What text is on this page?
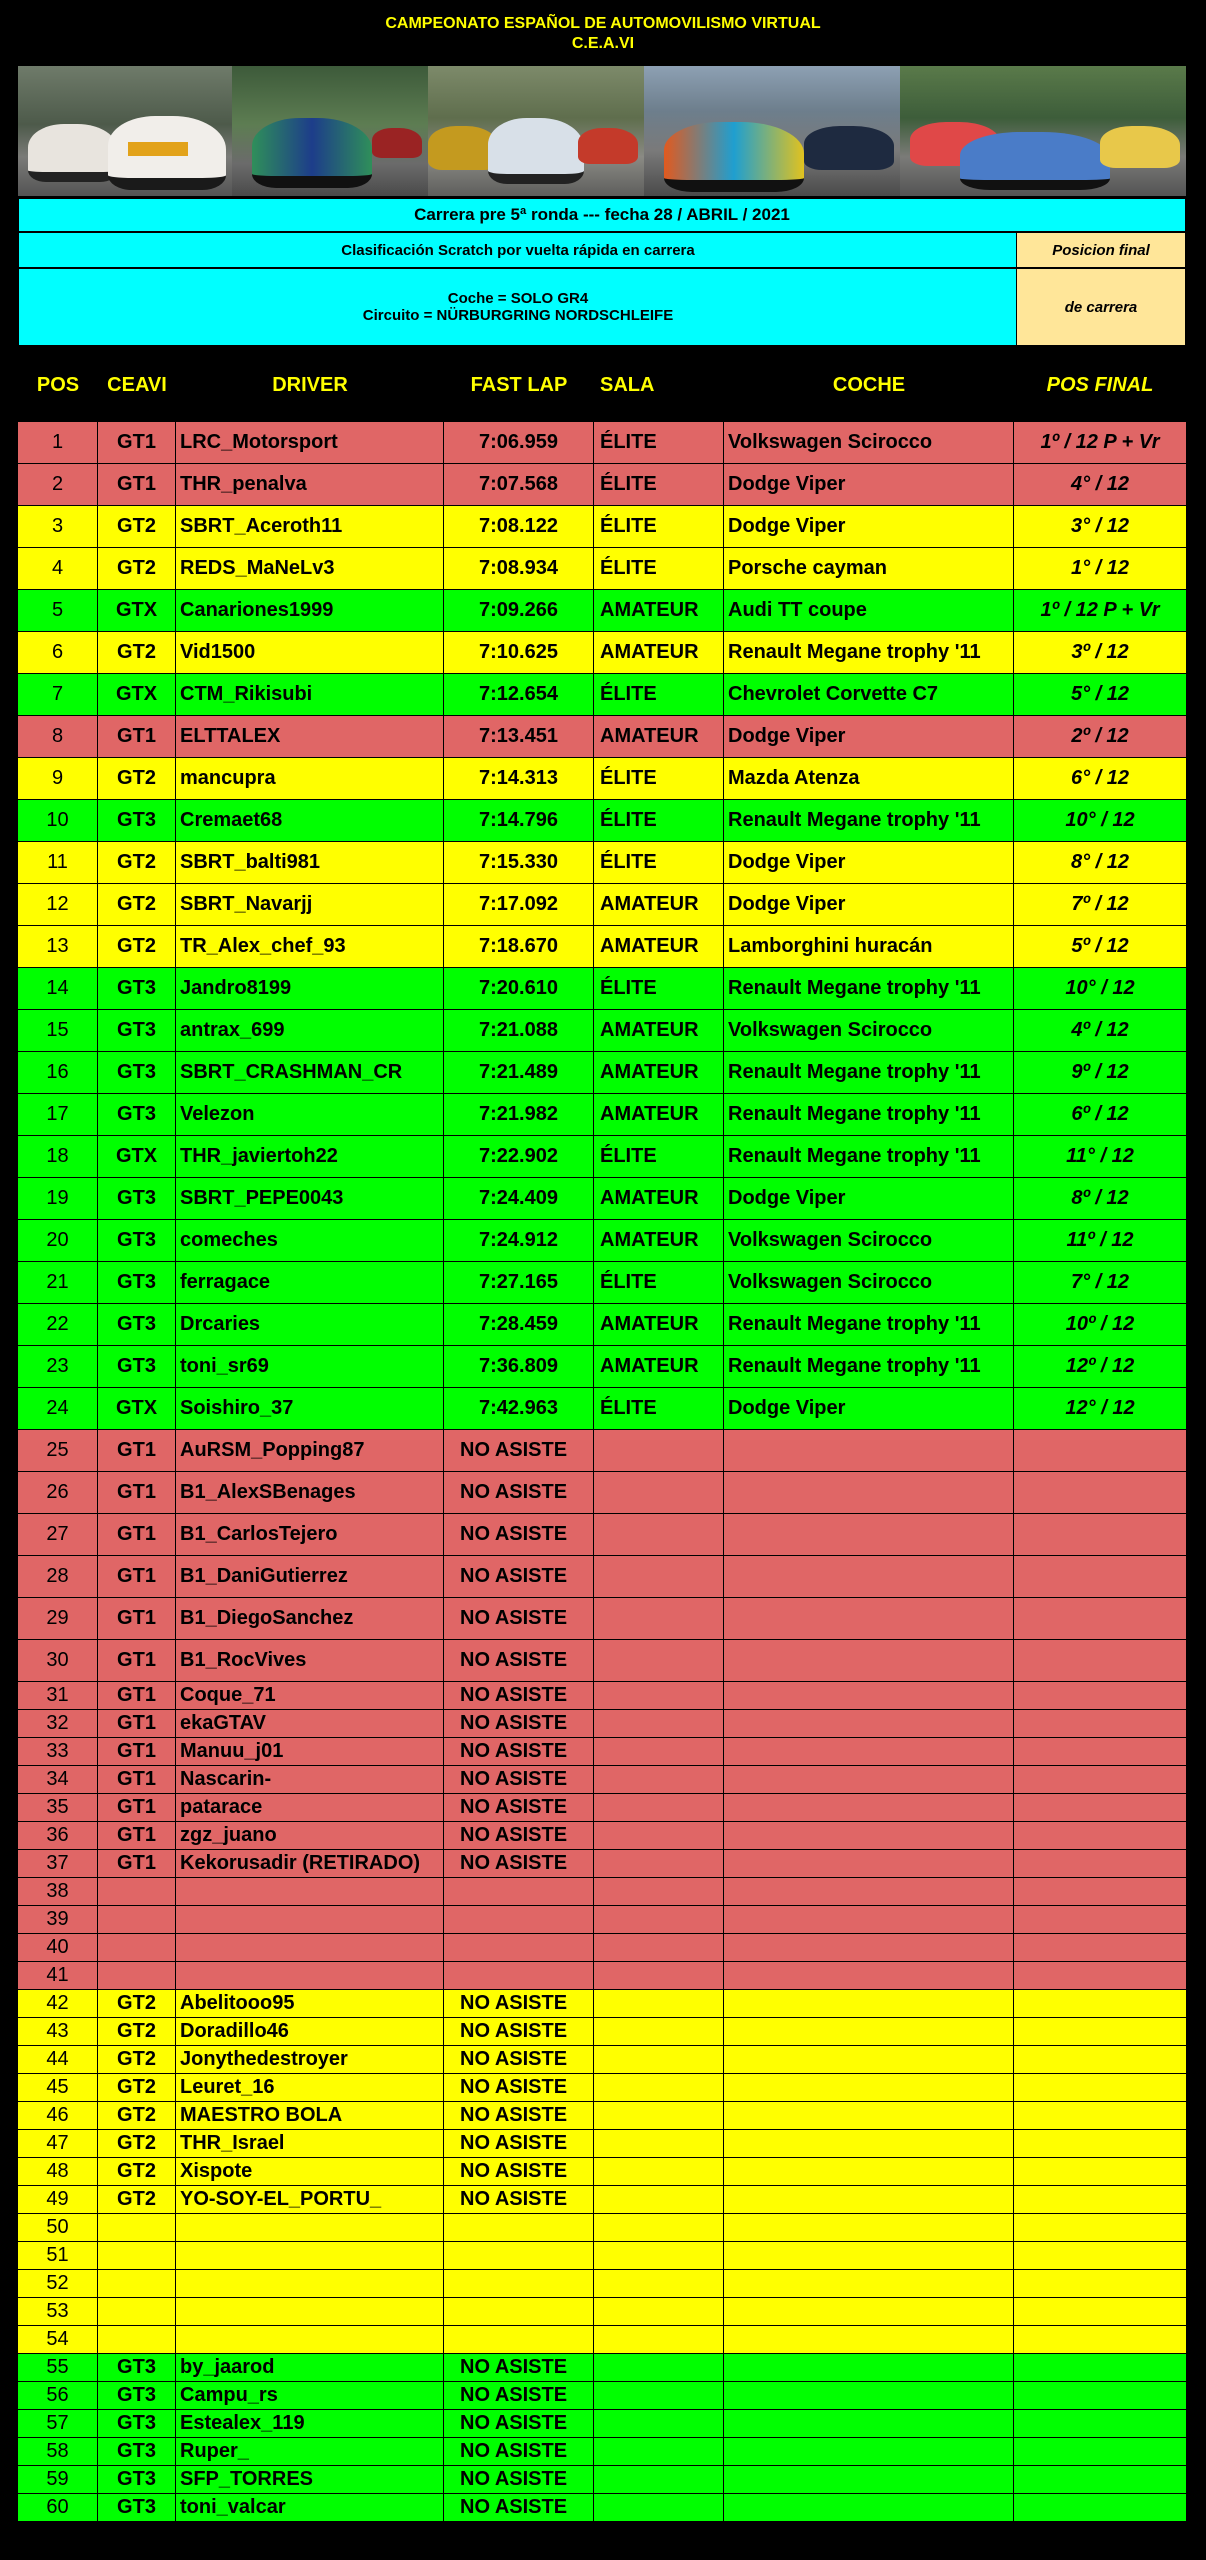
CAMPEONATO ESPAÑOL DE AUTOMOVILISMO VIRTUAL
C.E.A.VI
Carrera pre 5ª ronda --- fecha 28 / ABRIL / 2021
Clasificación Scratch por vuelta rápida en carrera	Posicion final
Coche = SOLO GR4
Circuito = NÜRBURGRING NORDSCHLEIFE	de carrera
POS	CEAVI	DRIVER	FAST LAP	SALA	COCHE	POS FINAL
1	GT1	LRC_Motorsport	7:06.959	ÉLITE	Volkswagen Scirocco	1º / 12 P + Vr
2	GT1	THR_penalva	7:07.568	ÉLITE	Dodge Viper	4° / 12
3	GT2	SBRT_Aceroth11	7:08.122	ÉLITE	Dodge Viper	3° / 12
4	GT2	REDS_MaNeLv3	7:08.934	ÉLITE	Porsche cayman	1° / 12
5	GTX	Canariones1999	7:09.266	AMATEUR	Audi TT coupe	1º / 12 P + Vr
6	GT2	Vid1500	7:10.625	AMATEUR	Renault Megane trophy '11	3º / 12
7	GTX	CTM_Rikisubi	7:12.654	ÉLITE	Chevrolet Corvette C7	5° / 12
8	GT1	ELTTALEX	7:13.451	AMATEUR	Dodge Viper	2º / 12
9	GT2	mancupra	7:14.313	ÉLITE	Mazda Atenza	6° / 12
10	GT3	Cremaet68	7:14.796	ÉLITE	Renault Megane trophy '11	10° / 12
11	GT2	SBRT_balti981	7:15.330	ÉLITE	Dodge Viper	8° / 12
12	GT2	SBRT_Navarjj	7:17.092	AMATEUR	Dodge Viper	7º / 12
13	GT2	TR_Alex_chef_93	7:18.670	AMATEUR	Lamborghini huracán	5º / 12
14	GT3	Jandro8199	7:20.610	ÉLITE	Renault Megane trophy '11	10° / 12
15	GT3	antrax_699	7:21.088	AMATEUR	Volkswagen Scirocco	4º / 12
16	GT3	SBRT_CRASHMAN_CR	7:21.489	AMATEUR	Renault Megane trophy '11	9º / 12
17	GT3	Velezon	7:21.982	AMATEUR	Renault Megane trophy '11	6º / 12
18	GTX	THR_javiertoh22	7:22.902	ÉLITE	Renault Megane trophy '11	11° / 12
19	GT3	SBRT_PEPE0043	7:24.409	AMATEUR	Dodge Viper	8º / 12
20	GT3	comeches	7:24.912	AMATEUR	Volkswagen Scirocco	11º / 12
21	GT3	ferragace	7:27.165	ÉLITE	Volkswagen Scirocco	7° / 12
22	GT3	Drcaries	7:28.459	AMATEUR	Renault Megane trophy '11	10º / 12
23	GT3	toni_sr69	7:36.809	AMATEUR	Renault Megane trophy '11	12º / 12
24	GTX	Soishiro_37	7:42.963	ÉLITE	Dodge Viper	12° / 12
25	GT1	AuRSM_Popping87	NO ASISTE
26	GT1	B1_AlexSBenages	NO ASISTE
27	GT1	B1_CarlosTejero	NO ASISTE
28	GT1	B1_DaniGutierrez	NO ASISTE
29	GT1	B1_DiegoSanchez	NO ASISTE
30	GT1	B1_RocVives	NO ASISTE
31	GT1	Coque_71	NO ASISTE
32	GT1	ekaGTAV	NO ASISTE
33	GT1	Manuu_j01	NO ASISTE
34	GT1	Nascarin-	NO ASISTE
35	GT1	patarace	NO ASISTE
36	GT1	zgz_juano	NO ASISTE
37	GT1	Kekorusadir (RETIRADO)	NO ASISTE
38
39
40
41
42	GT2	Abelitooo95	NO ASISTE
43	GT2	Doradillo46	NO ASISTE
44	GT2	Jonythedestroyer	NO ASISTE
45	GT2	Leuret_16	NO ASISTE
46	GT2	MAESTRO BOLA	NO ASISTE
47	GT2	THR_Israel	NO ASISTE
48	GT2	Xispote	NO ASISTE
49	GT2	YO-SOY-EL_PORTU_	NO ASISTE
50
51
52
53
54
55	GT3	by_jaarod	NO ASISTE
56	GT3	Campu_rs	NO ASISTE
57	GT3	Estealex_119	NO ASISTE
58	GT3	Ruper_	NO ASISTE
59	GT3	SFP_TORRES	NO ASISTE
60	GT3	toni_valcar	NO ASISTE
